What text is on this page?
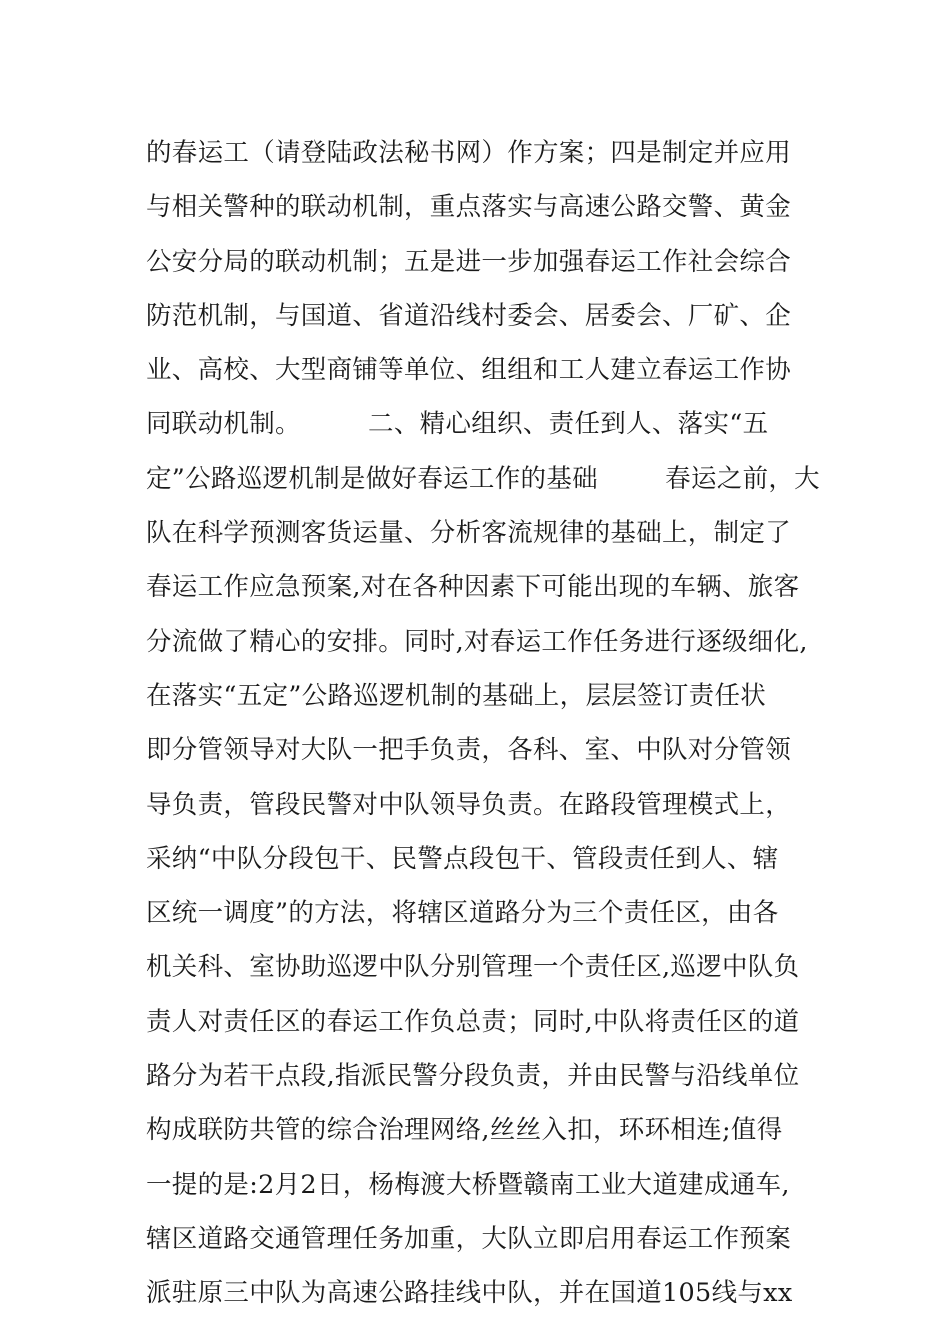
的春运工（请登陆政法秘书网）作方案；四是制定并应用
与相关警种的联动机制，重点落实与高速公路交警、黄金
公安分局的联动机制；五是进一步加强春运工作社会综合
防范机制，与国道、省道沿线村委会、居委会、厂矿、企
业、高校、大型商铺等单位、组组和工人建立春运工作协
同联动机制。        二、精心组织、责任到人、落实“五
定”公路巡逻机制是做好春运工作的基础        春运之前，大
队在科学预测客货运量、分析客流规律的基础上，制定了
春运工作应急预案,对在各种因素下可能出现的车辆、旅客
分流做了精心的安排。同时,对春运工作任务进行逐级细化,
在落实“五定”公路巡逻机制的基础上，层层签订责任状
即分管领导对大队一把手负责，各科、室、中队对分管领
导负责，管段民警对中队领导负责。在路段管理模式上，
采纳“中队分段包干、民警点段包干、管段责任到人、辖
区统一调度”的方法，将辖区道路分为三个责任区，由各
机关科、室协助巡逻中队分别管理一个责任区,巡逻中队负
责人对责任区的春运工作负总责；同时,中队将责任区的道
路分为若干点段,指派民警分段负责，并由民警与沿线单位
构成联防共管的综合治理网络,丝丝入扣，环环相连;值得
一提的是:2月2日，杨梅渡大桥暨赣南工业大道建成通车,
辖区道路交通管理任务加重，大队立即启用春运工作预案
派驻原三中队为高速公路挂线中队，并在国道105线与xx
